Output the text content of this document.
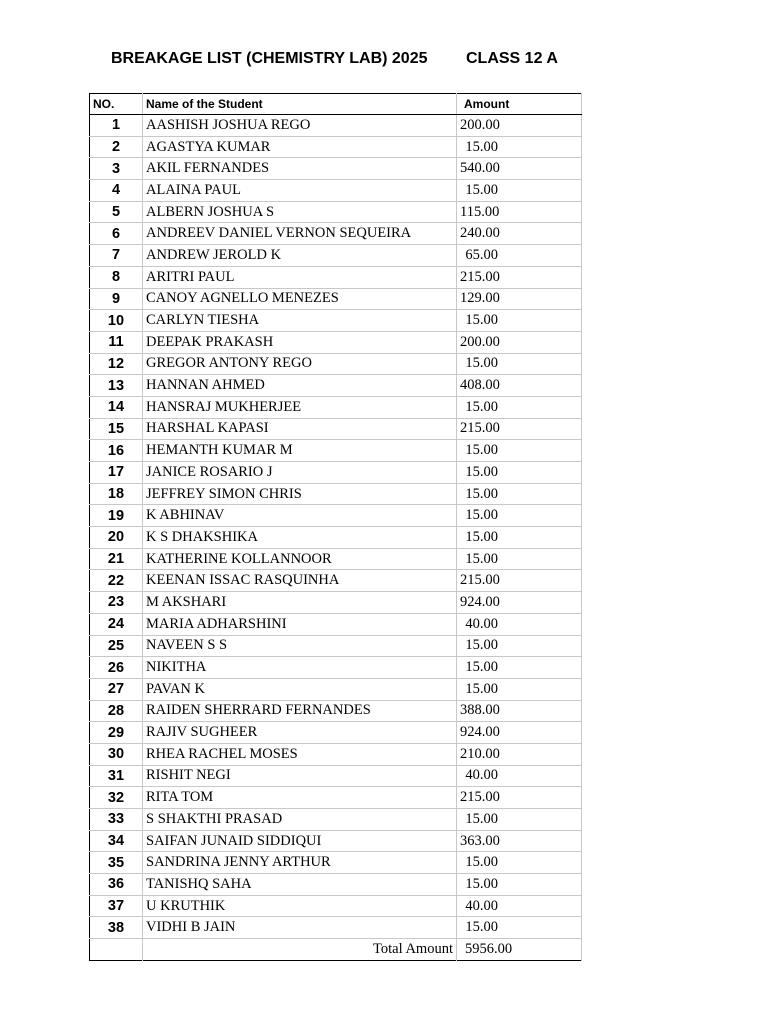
BREAKAGE LIST (CHEMISTRY LAB) 2025 CLASS 12 A
NO.	Name of the Student	Amount
1	AASHISH JOSHUA REGO	200.00
2	AGASTYA KUMAR	15.00
3	AKIL FERNANDES	540.00
4	ALAINA PAUL	15.00
5	ALBERN JOSHUA S	115.00
6	ANDREEV DANIEL VERNON SEQUEIRA	240.00
7	ANDREW JEROLD K	65.00
8	ARITRI PAUL	215.00
9	CANOY AGNELLO MENEZES	129.00
10	CARLYN TIESHA	15.00
11	DEEPAK PRAKASH	200.00
12	GREGOR ANTONY REGO	15.00
13	HANNAN AHMED	408.00
14	HANSRAJ MUKHERJEE	15.00
15	HARSHAL KAPASI	215.00
16	HEMANTH KUMAR M	15.00
17	JANICE ROSARIO J	15.00
18	JEFFREY SIMON CHRIS	15.00
19	K ABHINAV	15.00
20	K S DHAKSHIKA	15.00
21	KATHERINE KOLLANNOOR	15.00
22	KEENAN ISSAC RASQUINHA	215.00
23	M AKSHARI	924.00
24	MARIA ADHARSHINI	40.00
25	NAVEEN S S	15.00
26	NIKITHA	15.00
27	PAVAN K	15.00
28	RAIDEN SHERRARD FERNANDES	388.00
29	RAJIV SUGHEER	924.00
30	RHEA RACHEL MOSES	210.00
31	RISHIT NEGI	40.00
32	RITA TOM	215.00
33	S SHAKTHI PRASAD	15.00
34	SAIFAN JUNAID SIDDIQUI	363.00
35	SANDRINA JENNY ARTHUR	15.00
36	TANISHQ SAHA	15.00
37	U KRUTHIK	40.00
38	VIDHI B JAIN	15.00
	Total Amount	5956.00
